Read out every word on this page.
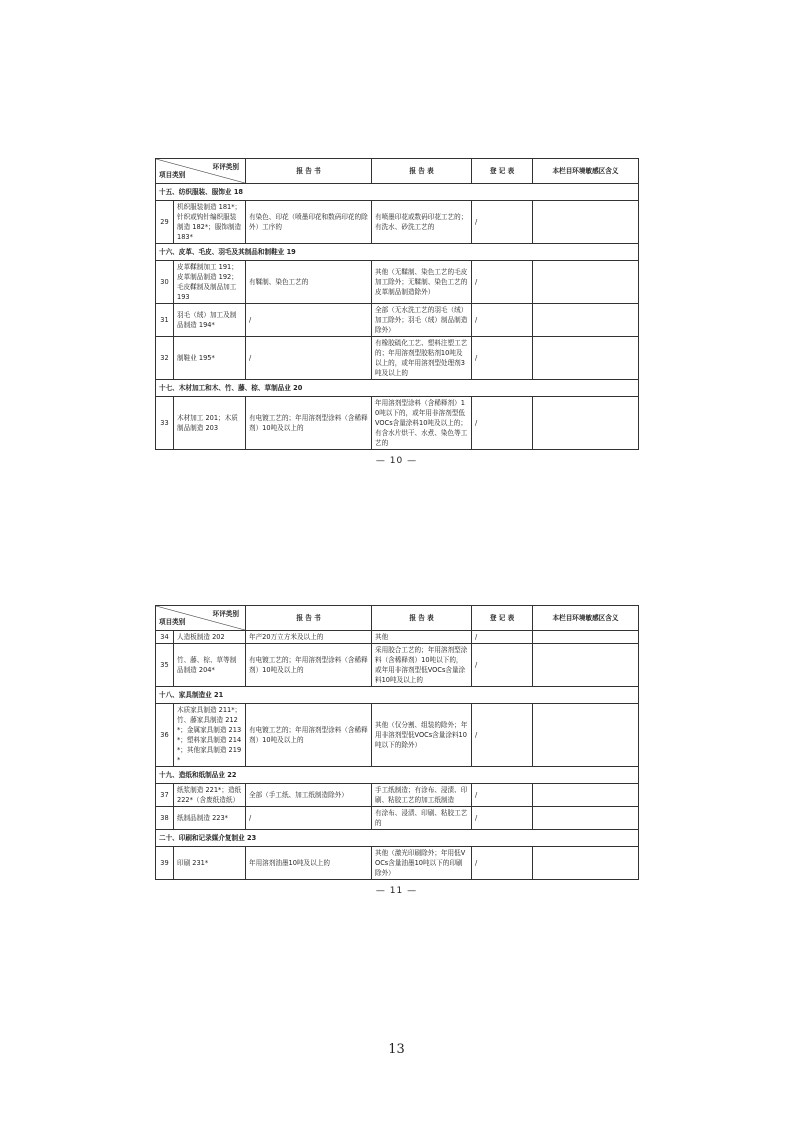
环评类别
项目类别		报 告 书	报 告 表	登 记 表	本栏目环境敏感区含义
十五、纺织服装、服饰业 18					
29	机织服装制造 181*；针织或钩针编织服装制造 182*；服饰制造 183*	有染色、印花（喷墨印花和数码印花的除外）工序的	有喷墨印花或数码印花工艺的；有洗水、砂洗工艺的	/	
十六、皮革、毛皮、羽毛及其制品和制鞋业 19					
30	皮革鞣制加工 191；皮革制品制造 192；毛皮鞣制及制品加工 193	有鞣制、染色工艺的	其他（无鞣制、染色工艺的毛皮加工除外；无鞣制、染色工艺的皮革制品制造除外）	/	
31	羽毛（绒）加工及制品制造 194*	/	全部（无水洗工艺的羽毛（绒）加工除外；羽毛（绒）制品制造除外）	/	
32	制鞋业 195*	/	有橡胶硫化工艺、塑料注塑工艺的；年用溶剂型胶粘剂10吨及以上的，或年用溶剂型处理剂3吨及以上的	/	
十七、木材加工和木、竹、藤、棕、草制品业 20					
33	木材加工 201；木质制品制造 203	有电镀工艺的；年用溶剂型涂料（含稀释剂）10吨及以上的	年用溶剂型涂料（含稀释剂）10吨以下的，或年用非溶剂型低VOCs含量涂料10吨及以上的；有含水片烘干、水煮、染色等工艺的	/	
— 10 —
环评类别
项目类别		报 告 书	报 告 表	登 记 表	本栏目环境敏感区含义
34	人造板制造 202	年产20万立方米及以上的	其他	/	
35	竹、藤、棕、草等制品制造 204*	有电镀工艺的；年用溶剂型涂料（含稀释剂）10吨及以上的	采用胶合工艺的；年用溶剂型涂料（含稀释剂）10吨以下的，或年用非溶剂型低VOCs含量涂料10吨及以上的	/	
十八、家具制造业 21					
36	木质家具制造 211*；竹、藤家具制造 212*；金属家具制造 213*；塑料家具制造 214*；其他家具制造 219*	有电镀工艺的；年用溶剂型涂料（含稀释剂）10吨及以上的	其他（仅分割、组装的除外；年用非溶剂型低VOCs含量涂料10吨以下的除外）	/	
十九、造纸和纸制品业 22					
37	纸浆制造 221*；造纸 222*（含废纸造纸）	全部（手工纸、加工纸制造除外）	手工纸制造；有涂布、浸渍、印刷、粘胶工艺的加工纸制造	/	
38	纸制品制造 223*	/	有涂布、浸渍、印刷、粘胶工艺的	/	
二十、印刷和记录媒介复制业 23					
39	印刷 231*	年用溶剂油墨10吨及以上的	其他（激光印刷除外；年用低VOCs含量油墨10吨以下的印刷除外）	/	
— 11 —
13
